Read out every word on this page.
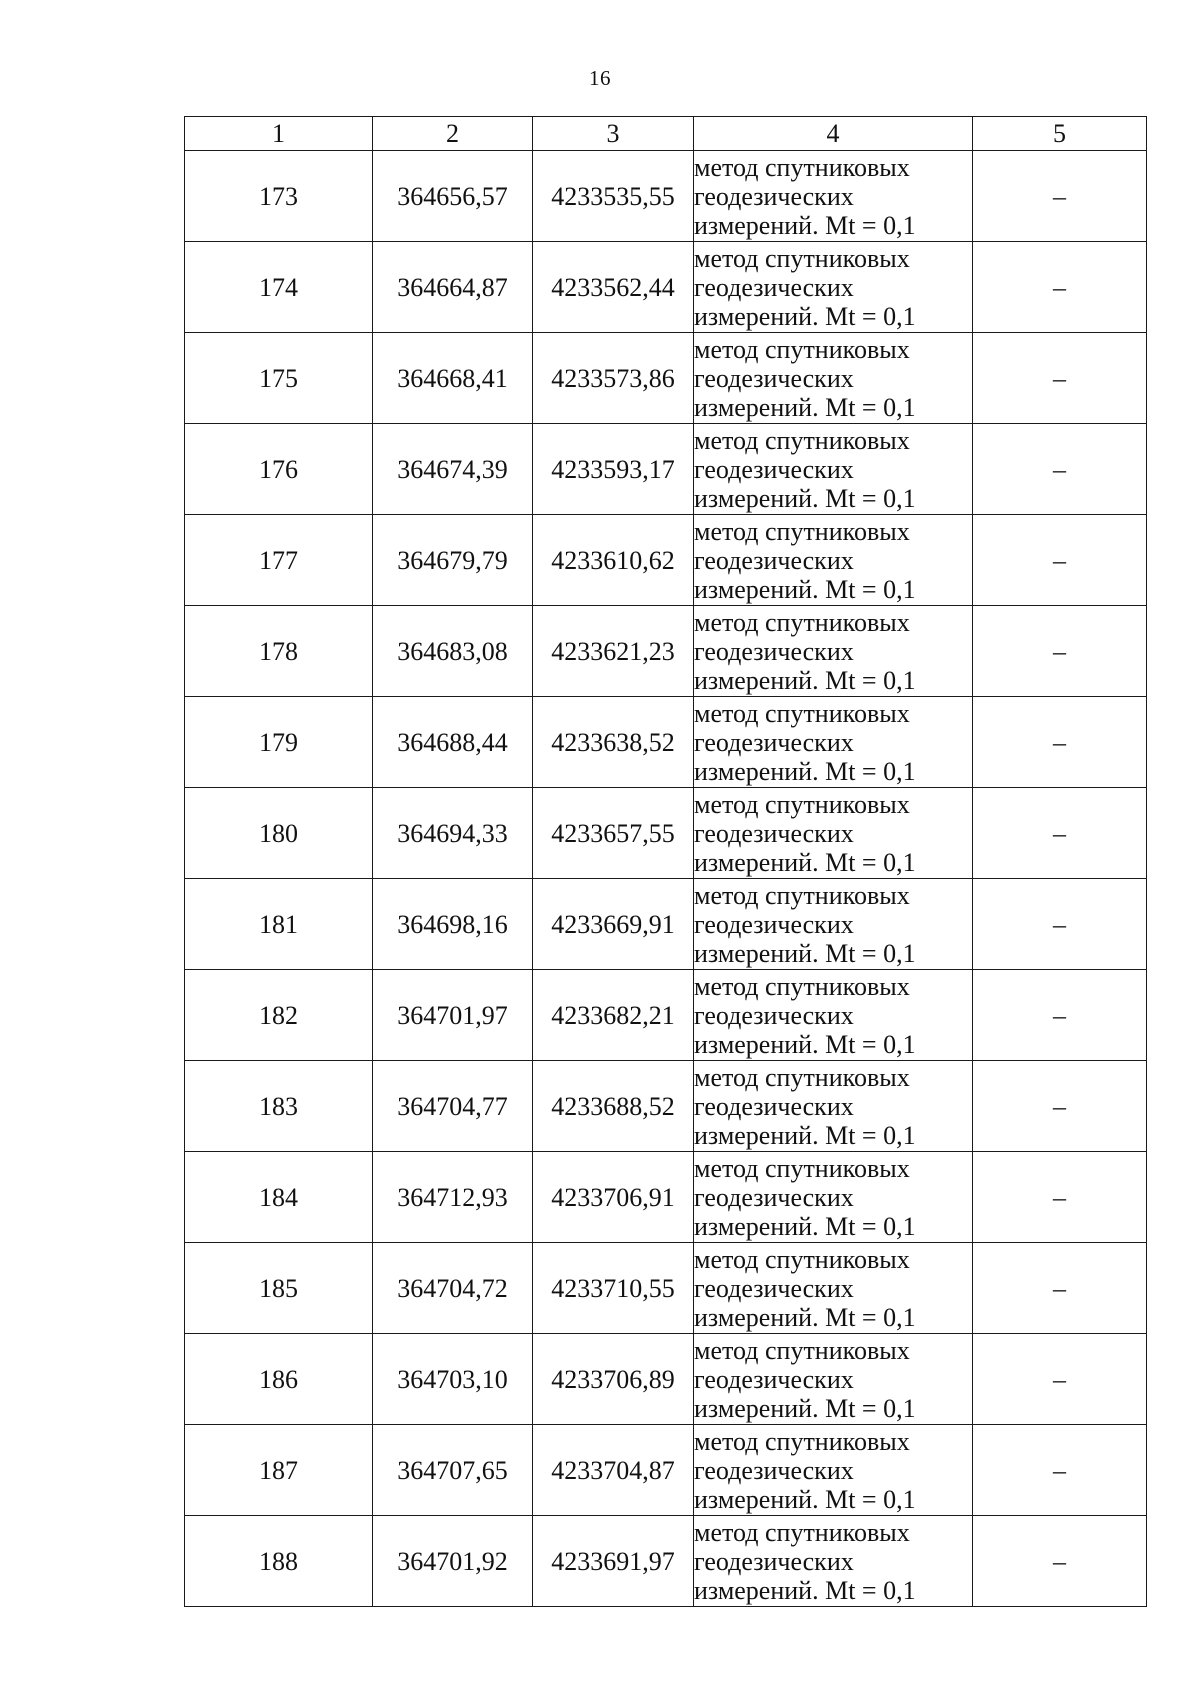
16
1	2	3	4	5
173	364656,57	4233535,55	метод спутниковых
геодезических
измерений. Mt = 0,1	–
174	364664,87	4233562,44	метод спутниковых
геодезических
измерений. Mt = 0,1	–
175	364668,41	4233573,86	метод спутниковых
геодезических
измерений. Mt = 0,1	–
176	364674,39	4233593,17	метод спутниковых
геодезических
измерений. Mt = 0,1	–
177	364679,79	4233610,62	метод спутниковых
геодезических
измерений. Mt = 0,1	–
178	364683,08	4233621,23	метод спутниковых
геодезических
измерений. Mt = 0,1	–
179	364688,44	4233638,52	метод спутниковых
геодезических
измерений. Mt = 0,1	–
180	364694,33	4233657,55	метод спутниковых
геодезических
измерений. Mt = 0,1	–
181	364698,16	4233669,91	метод спутниковых
геодезических
измерений. Mt = 0,1	–
182	364701,97	4233682,21	метод спутниковых
геодезических
измерений. Mt = 0,1	–
183	364704,77	4233688,52	метод спутниковых
геодезических
измерений. Mt = 0,1	–
184	364712,93	4233706,91	метод спутниковых
геодезических
измерений. Mt = 0,1	–
185	364704,72	4233710,55	метод спутниковых
геодезических
измерений. Mt = 0,1	–
186	364703,10	4233706,89	метод спутниковых
геодезических
измерений. Mt = 0,1	–
187	364707,65	4233704,87	метод спутниковых
геодезических
измерений. Mt = 0,1	–
188	364701,92	4233691,97	метод спутниковых
геодезических
измерений. Mt = 0,1	–
